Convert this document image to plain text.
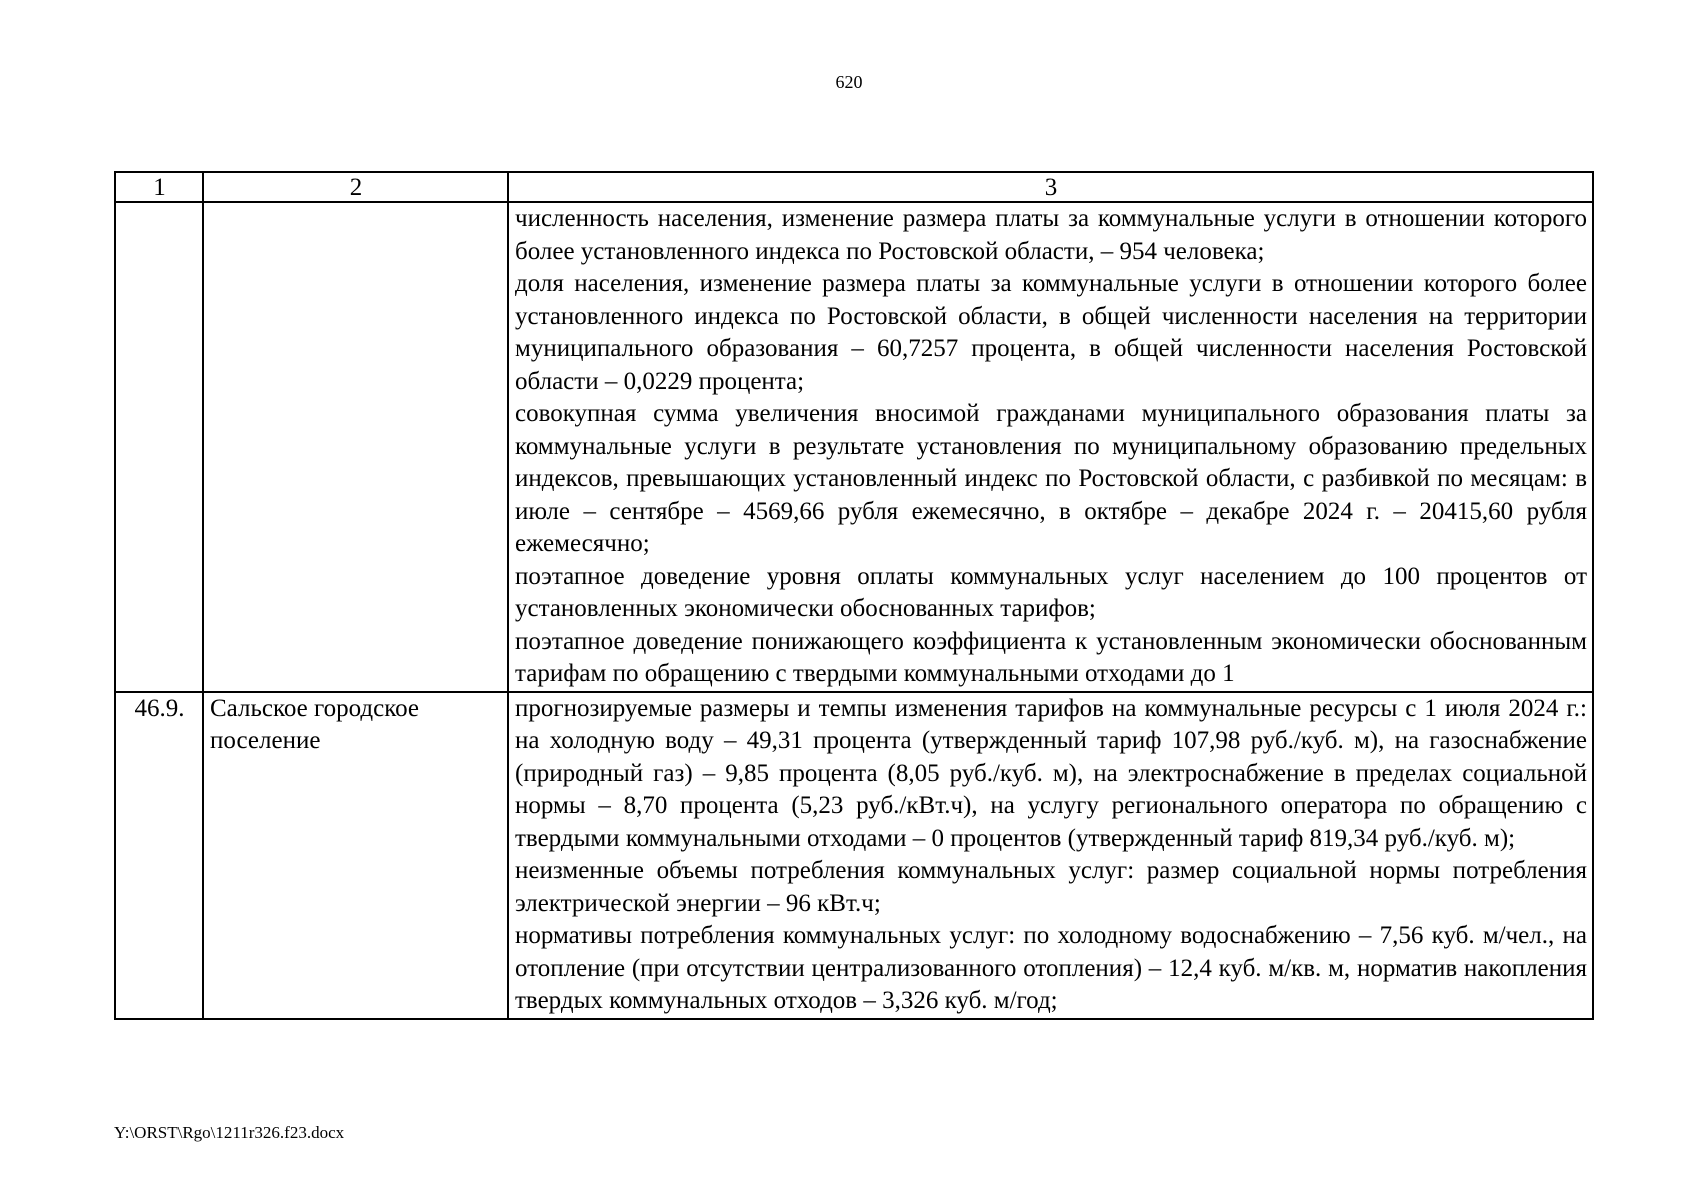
620
1	2	3

		численность населения, изменение размера платы за коммунальные услуги в отношении которого более установленного индекса по Ростовской области, – 954 человека;
доля населения, изменение размера платы за коммунальные услуги в отношении которого более установленного индекса по Ростовской области, в общей численности населения на территории муниципального образования – 60,7257 процента, в общей численности населения Ростовской области – 0,0229 процента;
совокупная сумма увеличения вносимой гражданами муниципального образования платы за коммунальные услуги в результате установления по муниципальному образованию предельных индексов, превышающих установленный индекс по Ростовской области, с разбивкой по месяцам: в июле – сентябре – 4569,66 рубля ежемесячно, в октябре – декабре 2024 г. – 20415,60 рубля ежемесячно;
поэтапное доведение уровня оплаты коммунальных услуг населением до 100 процентов от установленных экономически обоснованных тарифов;
поэтапное доведение понижающего коэффициента к установленным экономически обоснованным тарифам по обращению с твердыми коммунальными отходами до 1

46.9.	Сальское городское поселение	прогнозируемые размеры и темпы изменения тарифов на коммунальные ресурсы с 1 июля 2024 г.: на холодную воду – 49,31 процента (утвержденный тариф 107,98 руб./куб. м), на газоснабжение (природный газ) – 9,85 процента (8,05 руб./куб. м), на электроснабжение в пределах социальной нормы – 8,70 процента (5,23 руб./кВт.ч), на услугу регионального оператора по обращению с твердыми коммунальными отходами – 0 процентов (утвержденный тариф 819,34 руб./куб. м);
неизменные объемы потребления коммунальных услуг: размер социальной нормы потребления электрической энергии – 96 кВт.ч;
нормативы потребления коммунальных услуг: по холодному водоснабжению – 7,56 куб. м/чел., на отопление (при отсутствии централизованного отопления) – 12,4 куб. м/кв. м, норматив накопления твердых коммунальных отходов – 3,326 куб. м/год;
Y:\ORST\Rgo\1211r326.f23.docx
